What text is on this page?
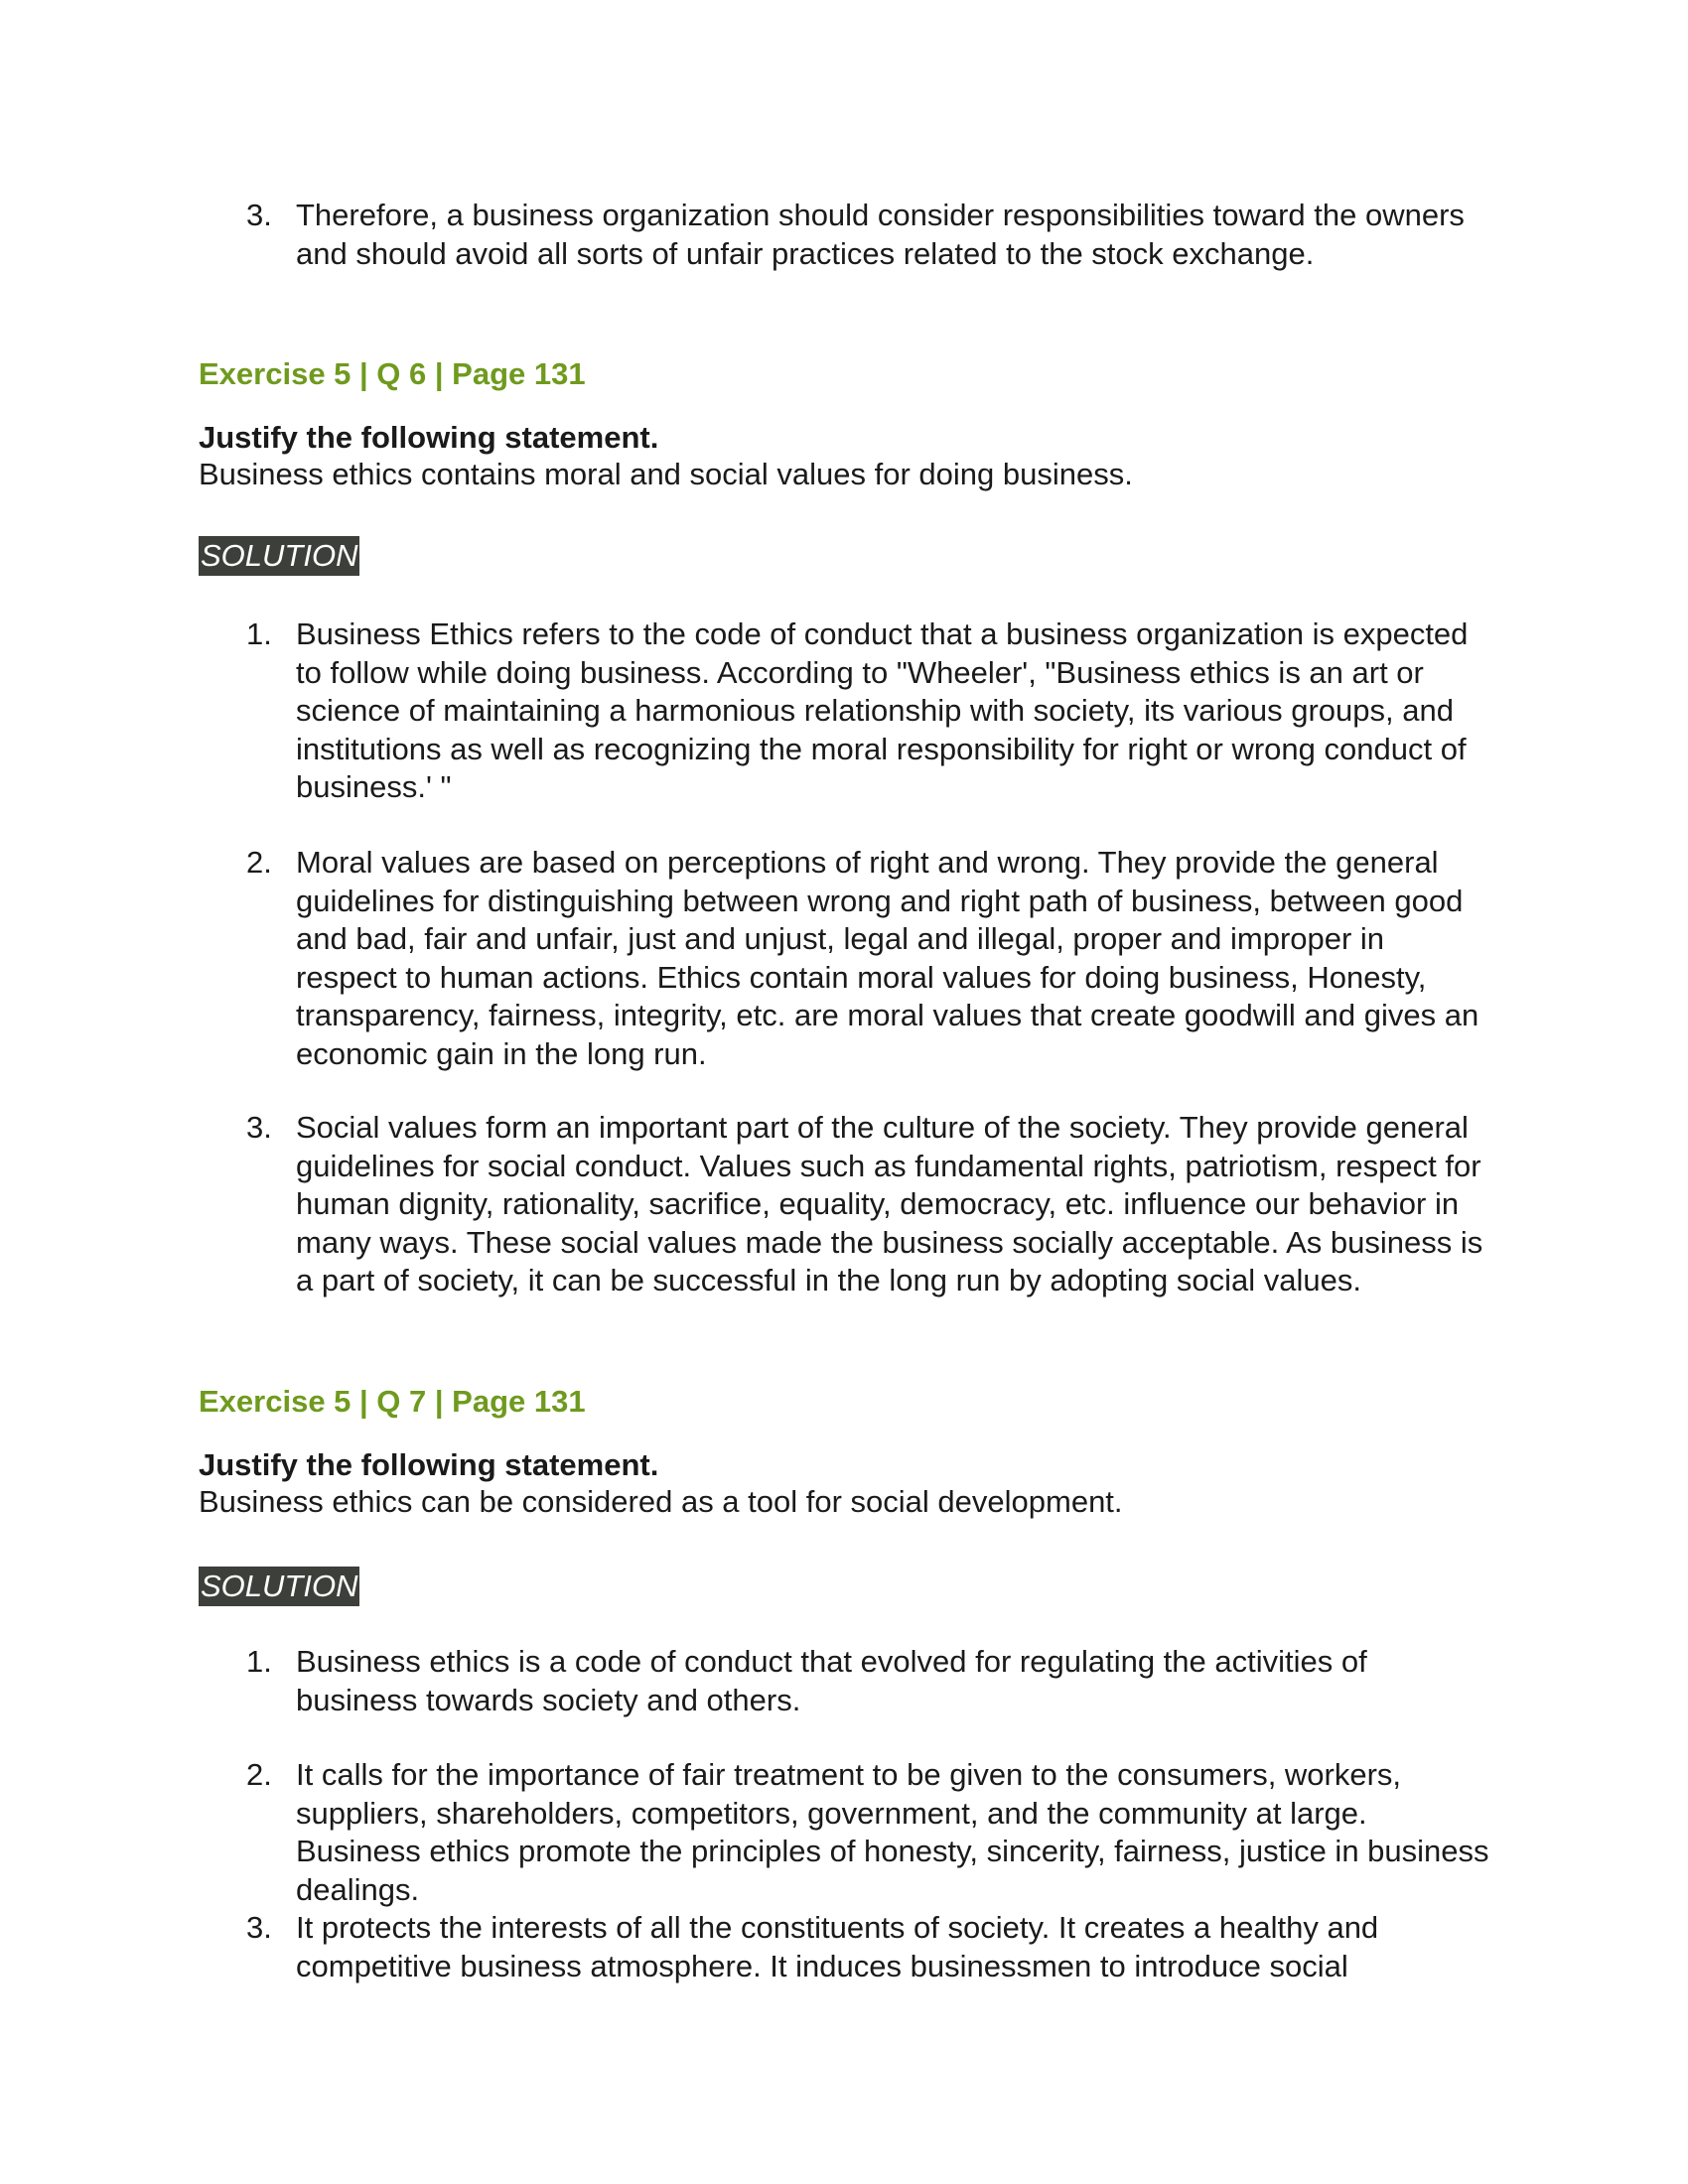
3. Therefore, a business organization should consider responsibilities toward the owners and should avoid all sorts of unfair practices related to the stock exchange.
Exercise 5 | Q 6 | Page 131
Justify the following statement.
Business ethics contains moral and social values for doing business.
SOLUTION
1. Business Ethics refers to the code of conduct that a business organization is expected to follow while doing business. According to "Wheeler', "Business ethics is an art or science of maintaining a harmonious relationship with society, its various groups, and institutions as well as recognizing the moral responsibility for right or wrong conduct of business.' "
2. Moral values are based on perceptions of right and wrong. They provide the general guidelines for distinguishing between wrong and right path of business, between good and bad, fair and unfair, just and unjust, legal and illegal, proper and improper in respect to human actions. Ethics contain moral values for doing business, Honesty, transparency, fairness, integrity, etc. are moral values that create goodwill and gives an economic gain in the long run.
3. Social values form an important part of the culture of the society. They provide general guidelines for social conduct. Values such as fundamental rights, patriotism, respect for human dignity, rationality, sacrifice, equality, democracy, etc. influence our behavior in many ways. These social values made the business socially acceptable. As business is a part of society, it can be successful in the long run by adopting social values.
Exercise 5 | Q 7 | Page 131
Justify the following statement.
Business ethics can be considered as a tool for social development.
SOLUTION
1. Business ethics is a code of conduct that evolved for regulating the activities of business towards society and others.
2. It calls for the importance of fair treatment to be given to the consumers, workers, suppliers, shareholders, competitors, government, and the community at large. Business ethics promote the principles of honesty, sincerity, fairness, justice in business dealings.
3. It protects the interests of all the constituents of society. It creates a healthy and competitive business atmosphere. It induces businessmen to introduce social
